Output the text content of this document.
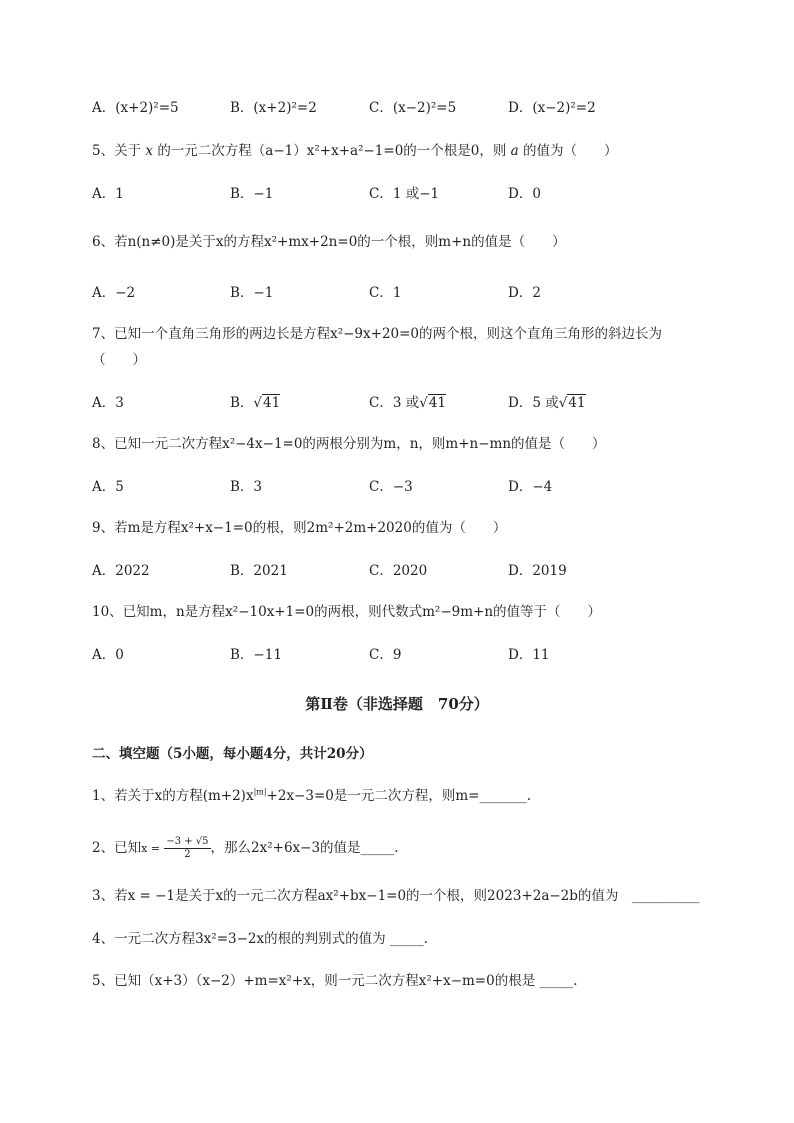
A．(x+2)²=5	B．(x+2)²=2	C．(x−2)²=5	D．(x−2)²=2
5、关于 x 的一元二次方程（a−1）x²+x+a²−1=0的一个根是0，则 a 的值为（　　）
A．1	B．−1	C．1 或−1	D．0
6、若n(n≠0)是关于x的方程x²+mx+2n=0的一个根，则m+n的值是（　　）
A．−2	B．−1	C．1	D．2
7、已知一个直角三角形的两边长是方程x²−9x+20=0的两个根，则这个直角三角形的斜边长为
（　　）
A．3	B．√41	C．3 或√41	D．5 或√41
8、已知一元二次方程x²−4x−1=0的两根分别为m，n，则m+n−mn的值是（　　）
A．5	B．3	C．−3	D．−4
9、若m是方程x²+x−1=0的根，则2m²+2m+2020的值为（　　）
A．2022	B．2021	C．2020	D．2019
10、已知m，n是方程x²−10x+1=0的两根，则代数式m²−9m+n的值等于（　　）
A．0	B．−11	C．9	D．11
第Ⅱ卷（非选择题　70分）
二、填空题（5小题，每小题4分，共计20分）
1、若关于x的方程$(m+2)x^{|m|}+2x-3=0$是一元二次方程，则m=_______.
2、已知$x = \frac{-3 + √5}{2}$ ，那么2x²+6x−3的值是_____.
3、若x = −1是关于x的一元二次方程ax²+bx−1=0的一个根，则2023+2a−2b的值为　__________
4、一元二次方程3x²=3−2x的根的判别式的值为 _____.
5、已知（x+3）（x−2）+m=x²+x，则一元二次方程x²+x−m=0的根是 _____.
